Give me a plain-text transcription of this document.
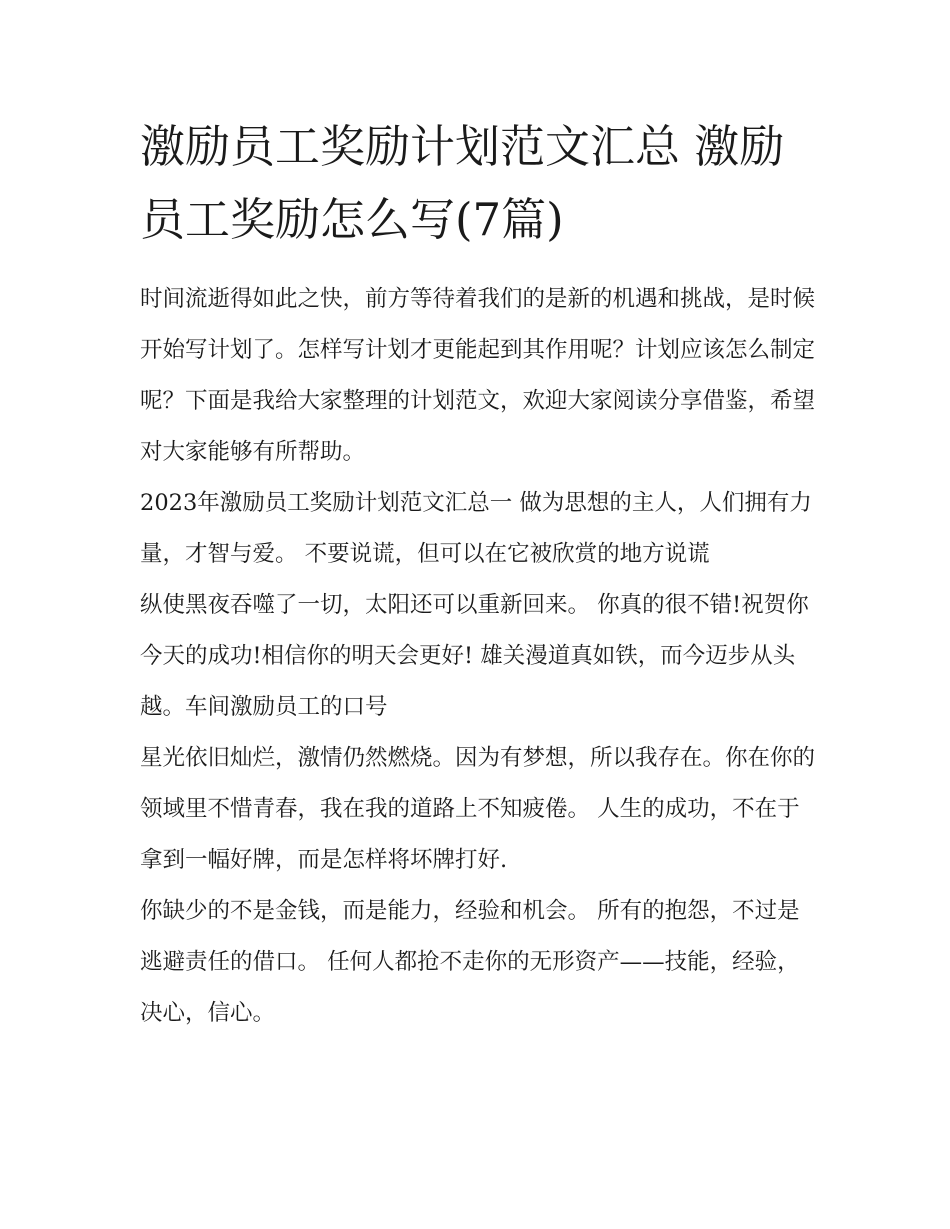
激励员工奖励计划范文汇总 激励员工奖励怎么写(7篇)

时间流逝得如此之快，前方等待着我们的是新的机遇和挑战，是时候开始写计划了。怎样写计划才更能起到其作用呢？计划应该怎么制定呢？下面是我给大家整理的计划范文，欢迎大家阅读分享借鉴，希望对大家能够有所帮助。

2023年激励员工奖励计划范文汇总一 做为思想的主人，人们拥有力量，才智与爱。 不要说谎，但可以在它被欣赏的地方说谎

纵使黑夜吞噬了一切，太阳还可以重新回来。 你真的很不错!祝贺你今天的成功!相信你的明天会更好! 雄关漫道真如铁，而今迈步从头越。车间激励员工的口号

星光依旧灿烂，激情仍然燃烧。因为有梦想，所以我存在。你在你的领域里不惜青春，我在我的道路上不知疲倦。 人生的成功，不在于拿到一幅好牌，而是怎样将坏牌打好.

你缺少的不是金钱，而是能力，经验和机会。 所有的抱怨，不过是逃避责任的借口。 任何人都抢不走你的无形资产——技能，经验，决心，信心。
